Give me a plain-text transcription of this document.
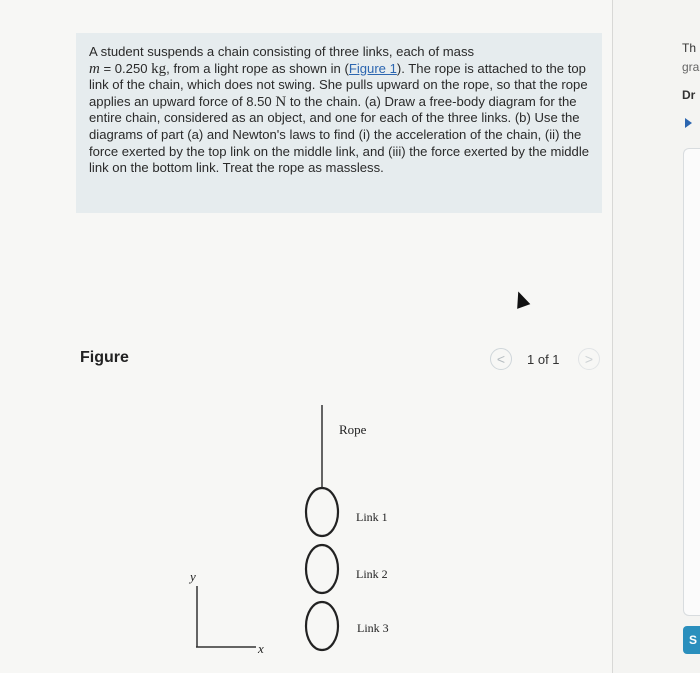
A student suspends a chain consisting of three links, each of mass
m = 0.250 kg, from a light rope as shown in (Figure 1). The rope is attached to the top link of the chain, which does not swing. She pulls upward on the rope, so that the rope applies an upward force of 8.50 N to the chain. (a) Draw a free-body diagram for the entire chain, considered as an object, and one for each of the three links. (b) Use the diagrams of part (a) and Newton's laws to find (i) the acceleration of the chain, (ii) the force exerted by the top link on the middle link, and (iii) the force exerted by the middle link on the bottom link. Treat the rope as massless.
Figure	<	1 of 1	>
Rope
Link 1
Link 2
Link 3
y
x
Th
gra
Dr
S
